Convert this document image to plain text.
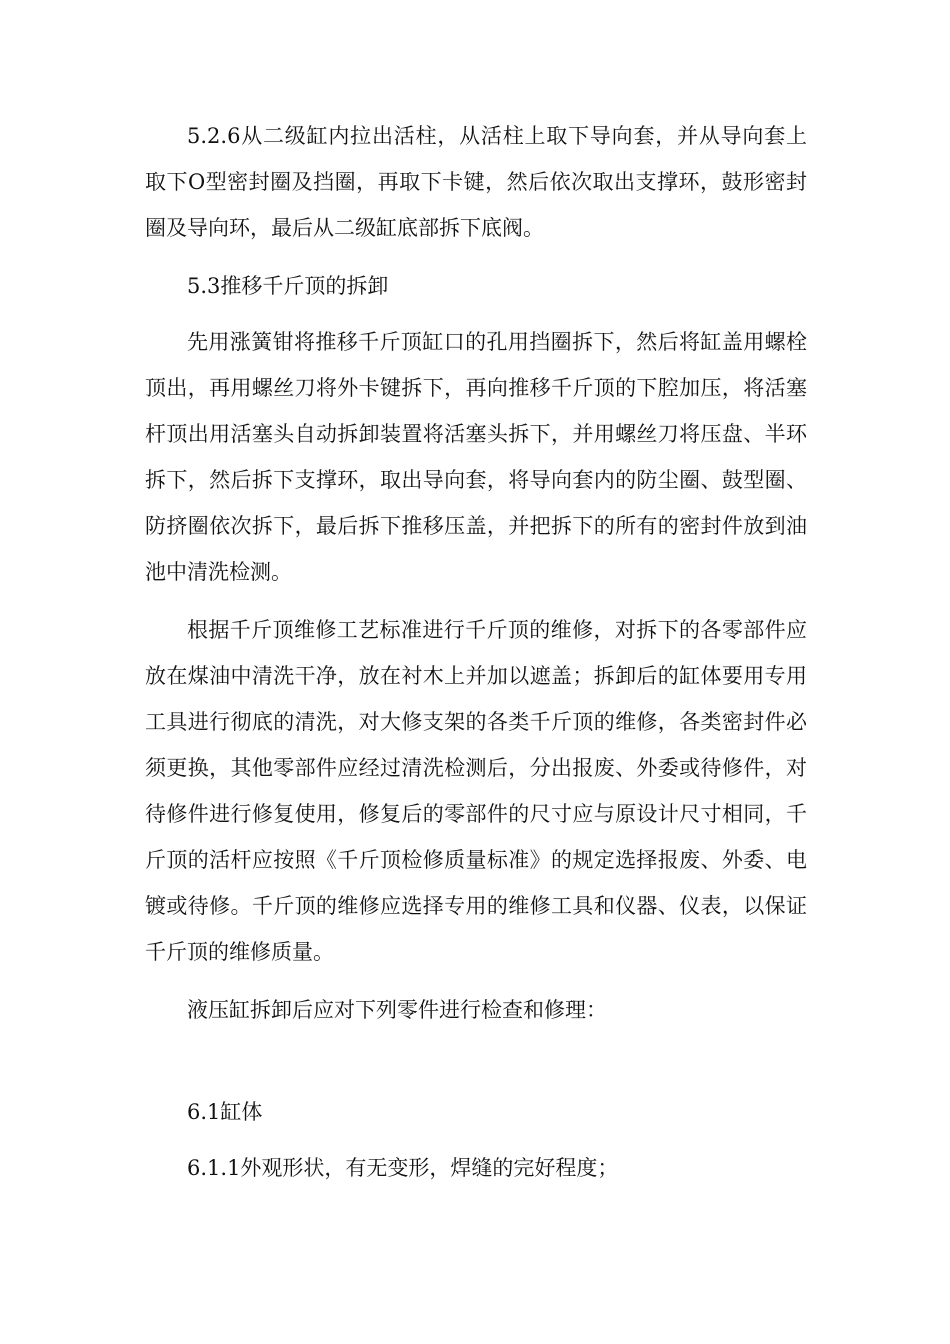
5.2.6从二级缸内拉出活柱，从活柱上取下导向套，并从导向套上取下O型密封圈及挡圈，再取下卡键，然后依次取出支撑环，鼓形密封圈及导向环，最后从二级缸底部拆下底阀。

5.3推移千斤顶的拆卸

先用涨簧钳将推移千斤顶缸口的孔用挡圈拆下，然后将缸盖用螺栓顶出，再用螺丝刀将外卡键拆下，再向推移千斤顶的下腔加压，将活塞杆顶出用活塞头自动拆卸装置将活塞头拆下，并用螺丝刀将压盘、半环拆下，然后拆下支撑环，取出导向套，将导向套内的防尘圈、鼓型圈、防挤圈依次拆下，最后拆下推移压盖，并把拆下的所有的密封件放到油池中清洗检测。

根据千斤顶维修工艺标准进行千斤顶的维修，对拆下的各零部件应放在煤油中清洗干净，放在衬木上并加以遮盖；拆卸后的缸体要用专用工具进行彻底的清洗，对大修支架的各类千斤顶的维修，各类密封件必须更换，其他零部件应经过清洗检测后，分出报废、外委或待修件，对待修件进行修复使用，修复后的零部件的尺寸应与原设计尺寸相同，千斤顶的活杆应按照《千斤顶检修质量标准》的规定选择报废、外委、电镀或待修。千斤顶的维修应选择专用的维修工具和仪器、仪表，以保证千斤顶的维修质量。

液压缸拆卸后应对下列零件进行检查和修理：

6.1缸体

6.1.1外观形状，有无变形，焊缝的完好程度；
